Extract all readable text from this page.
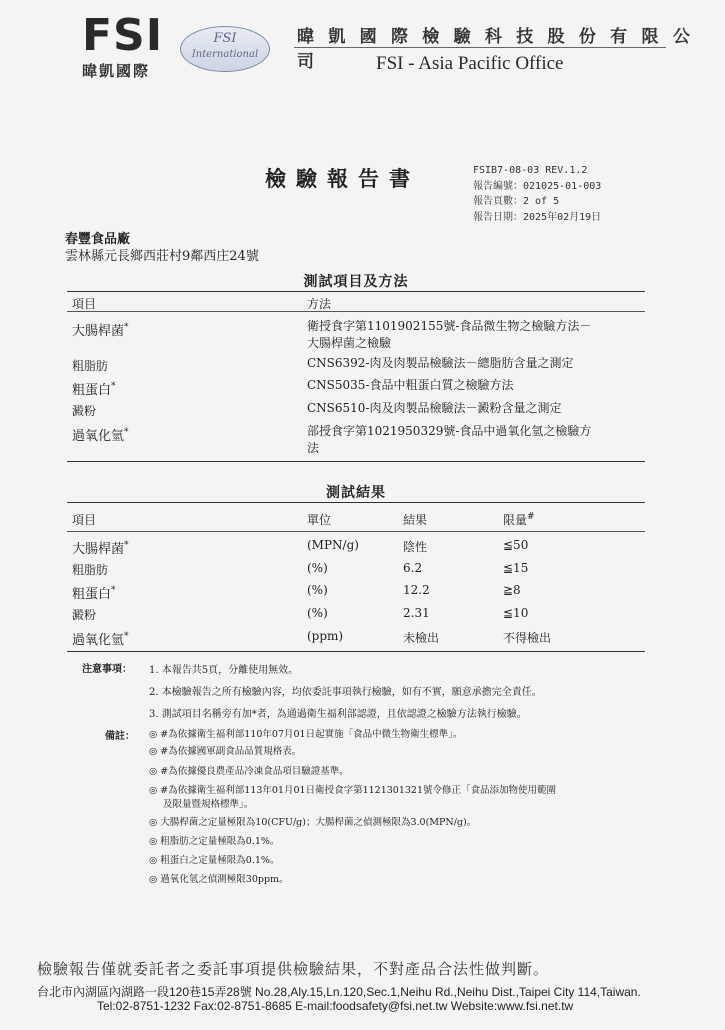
FSI
暐凱國際
FSI
International
暐 凱 國 際 檢 驗 科 技 股 份 有 限 公 司	FSI - Asia Pacific Office
檢驗報告書	FSIB7-08-03 REV.1.2
報告編號：021025-01-003
報告頁數：2 of 5
報告日期：2025年02月19日
春豐食品廠
雲林縣元長鄉西莊村9鄰西庄24號
測試項目及方法
項目	方法
大腸桿菌*	衛授食字第1101902155號-食品微生物之檢驗方法－
大腸桿菌之檢驗
粗脂肪	CNS6392-肉及肉製品檢驗法－總脂肪含量之測定
粗蛋白*	CNS5035-食品中粗蛋白質之檢驗方法
澱粉	CNS6510-肉及肉製品檢驗法－澱粉含量之測定
過氧化氫*	部授食字第1021950329號-食品中過氧化氫之檢驗方
法
測試結果
項目	單位	結果	限量#
大腸桿菌*	(MPN/g)	陰性	≦50
粗脂肪	(%)	6.2	≦15
粗蛋白*	(%)	12.2	≧8
澱粉	(%)	2.31	≦10
過氧化氫*	(ppm)	未檢出	不得檢出
注意事項： 1. 本報告共5頁，分離使用無效。
2. 本檢驗報告之所有檢驗內容，均依委託事項執行檢驗，如有不實，願意承擔完全責任。
3. 測試項目名稱旁有加*者，為通過衛生福利部認證，且依認證之檢驗方法執行檢驗。
備註： ◎ #為依據衛生福利部110年07月01日起實施「食品中微生物衛生標準」。
◎ #為依據國軍副食品品質規格表。
◎ #為依據優良農產品冷凍食品項目驗證基準。
◎ #為依據衛生福利部113年01月01日衛授食字第1121301321號令修正「食品添加物使用範圍
及限量暨規格標準」。
◎ 大腸桿菌之定量極限為10(CFU/g)；大腸桿菌之偵測極限為3.0(MPN/g)。
◎ 粗脂肪之定量極限為0.1%。
◎ 粗蛋白之定量極限為0.1%。
◎ 過氧化氫之偵測極限30ppm。
檢驗報告僅就委託者之委託事項提供檢驗結果，不對產品合法性做判斷。
台北市內湖區內湖路一段120巷15弄28號 No.28,Aly.15,Ln.120,Sec.1,Neihu Rd.,Neihu Dist.,Taipei City 114,Taiwan.
Tel:02-8751-1232 Fax:02-8751-8685 E-mail:foodsafety@fsi.net.tw Website:www.fsi.net.tw
